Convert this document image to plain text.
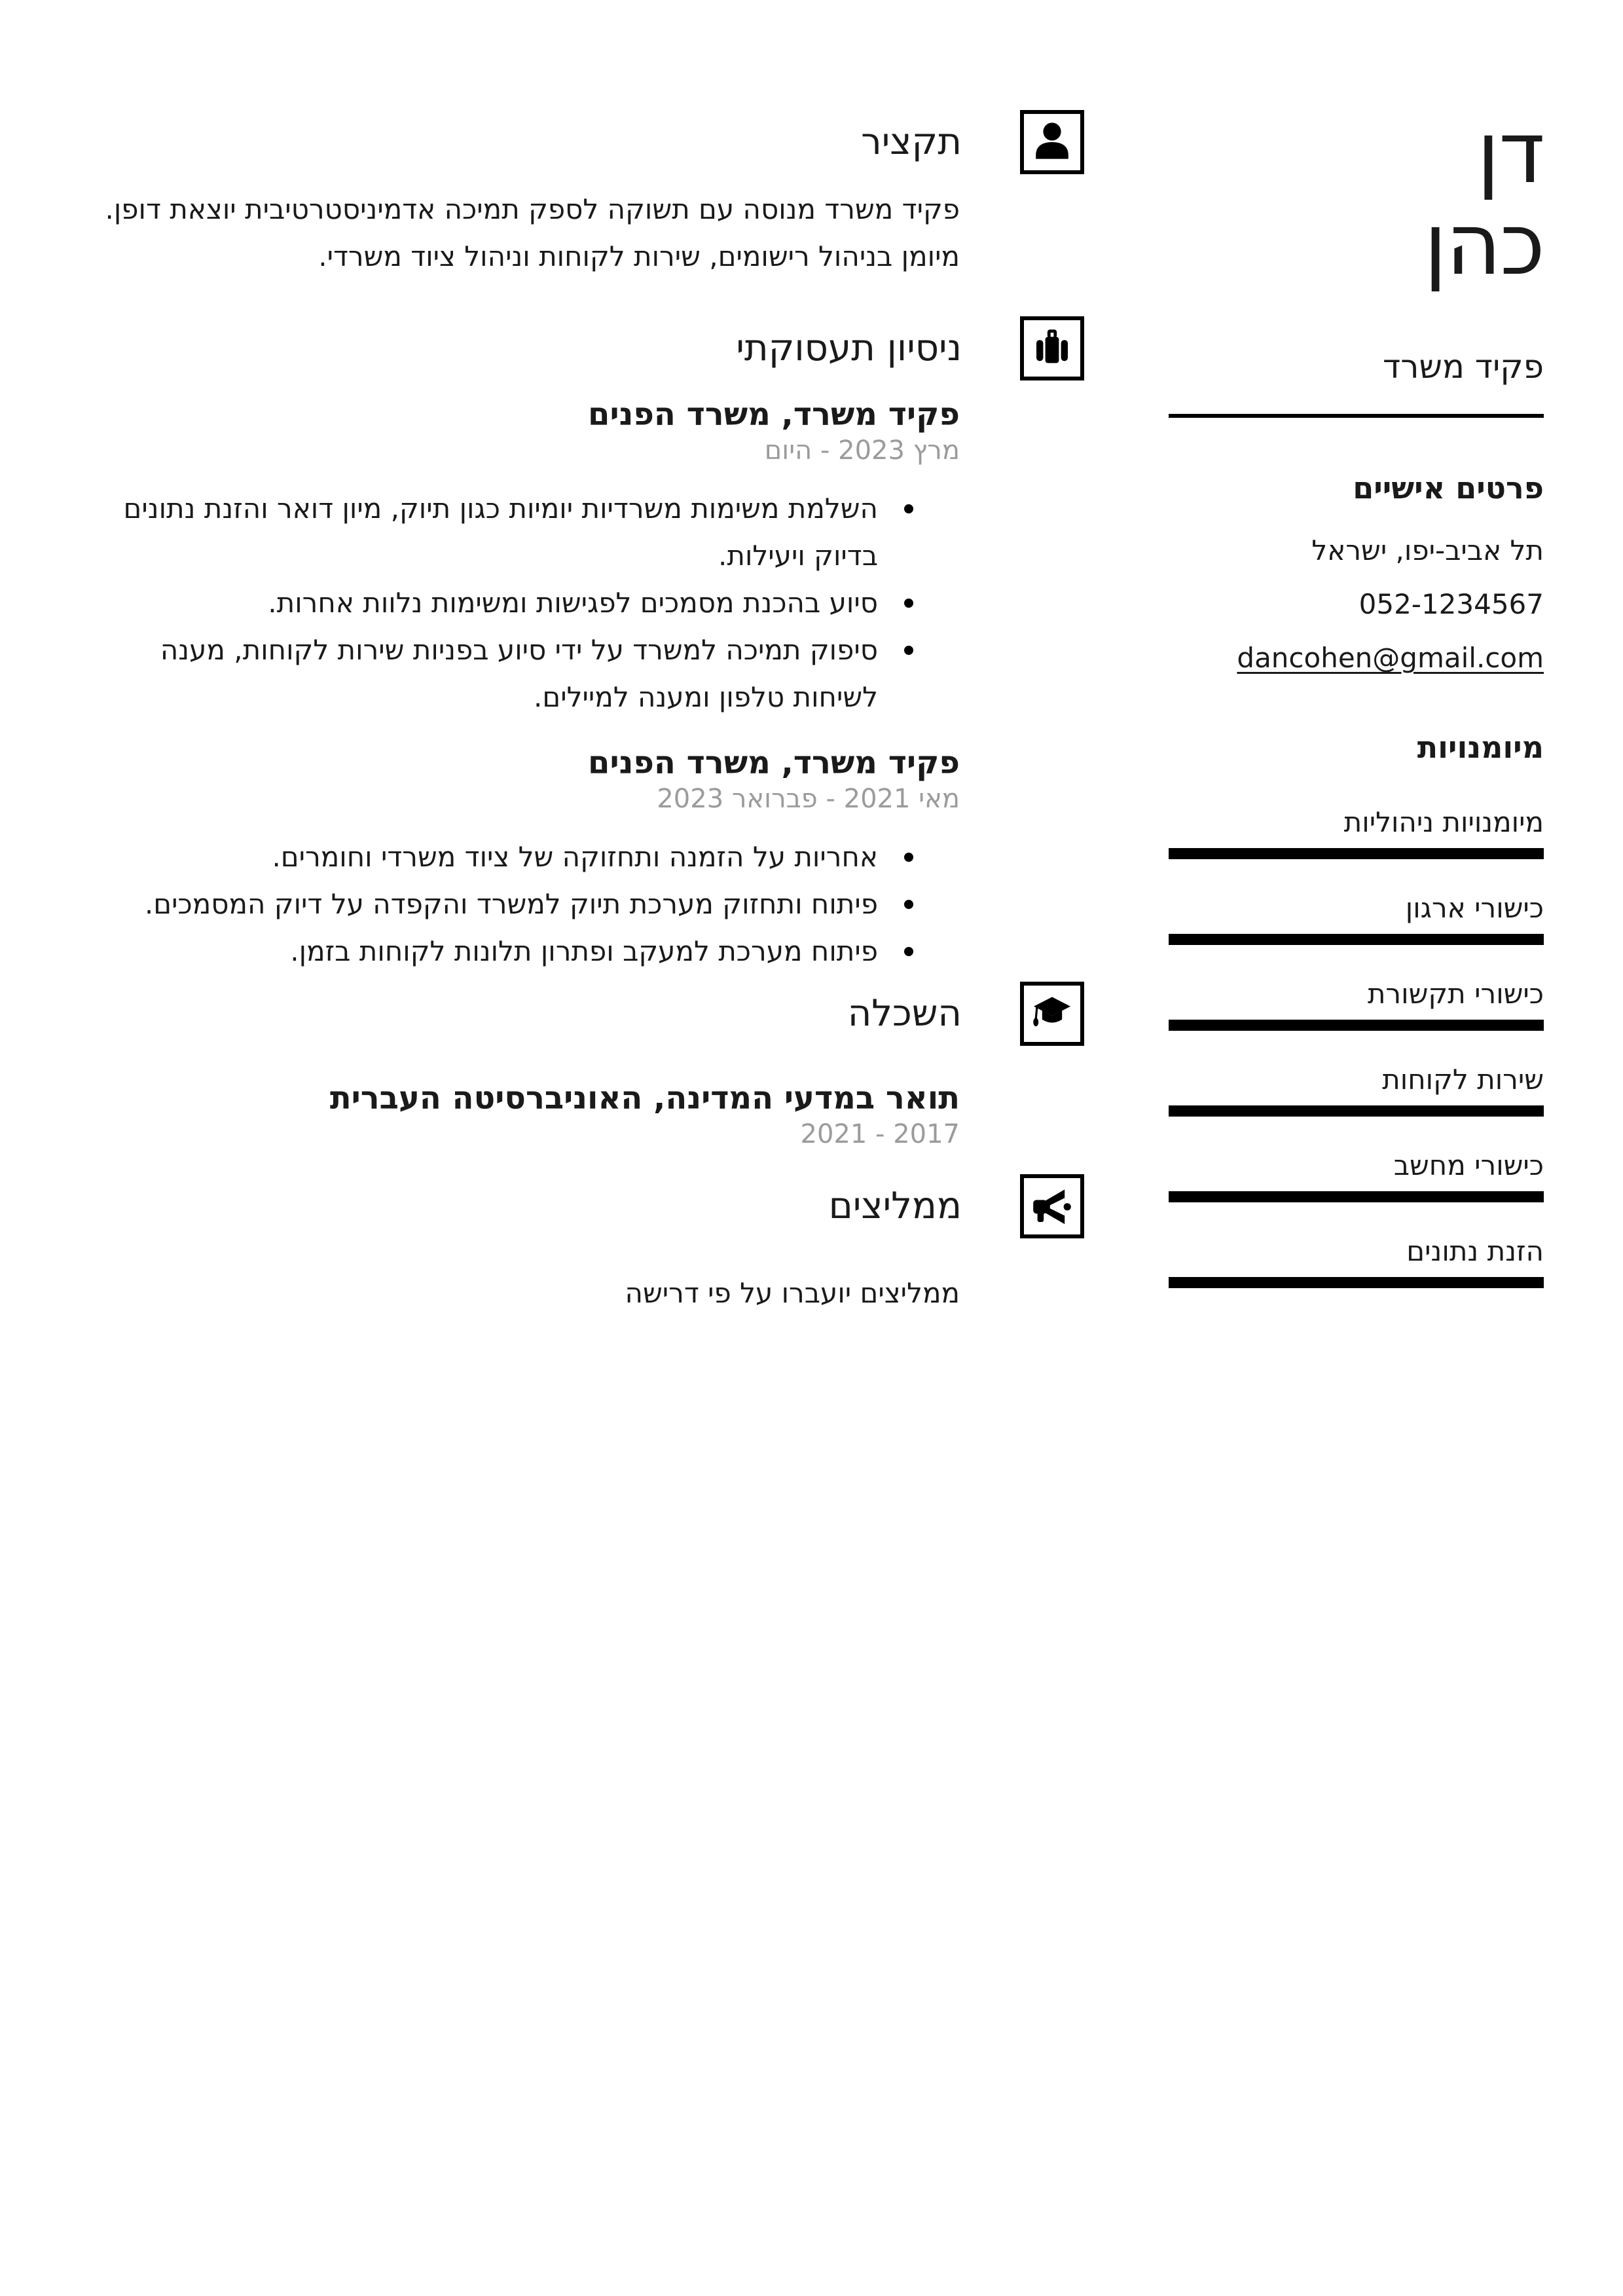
דן
כהן
פקיד משרד
פרטים אישיים
תל אביב-יפו, ישראל
052-1234567
dancohen@gmail.com
מיומנויות
מיומנויות ניהוליות
כישורי ארגון
כישורי תקשורת
שירות לקוחות
כישורי מחשב
הזנת נתונים
תקציר
פקיד משרד מנוסה עם תשוקה לספק תמיכה אדמיניסטרטיבית יוצאת דופן.
מיומן בניהול רישומים, שירות לקוחות וניהול ציוד משרדי.
ניסיון תעסוקתי
פקיד משרד, משרד הפנים
מרץ 2023 - היום
השלמת משימות משרדיות יומיות כגון תיוק, מיון דואר והזנת נתונים בדיוק ויעילות.
סיוע בהכנת מסמכים לפגישות ומשימות נלוות אחרות.
סיפוק תמיכה למשרד על ידי סיוע בפניות שירות לקוחות, מענה לשיחות טלפון ומענה למיילים.
פקיד משרד, משרד הפנים
מאי 2021 - פברואר 2023
אחריות על הזמנה ותחזוקה של ציוד משרדי וחומרים.
פיתוח ותחזוק מערכת תיוק למשרד והקפדה על דיוק המסמכים.
פיתוח מערכת למעקב ופתרון תלונות לקוחות בזמן.
השכלה
תואר במדעי המדינה, האוניברסיטה העברית
2017 - 2021
ממליצים
ממליצים יועברו על פי דרישה
